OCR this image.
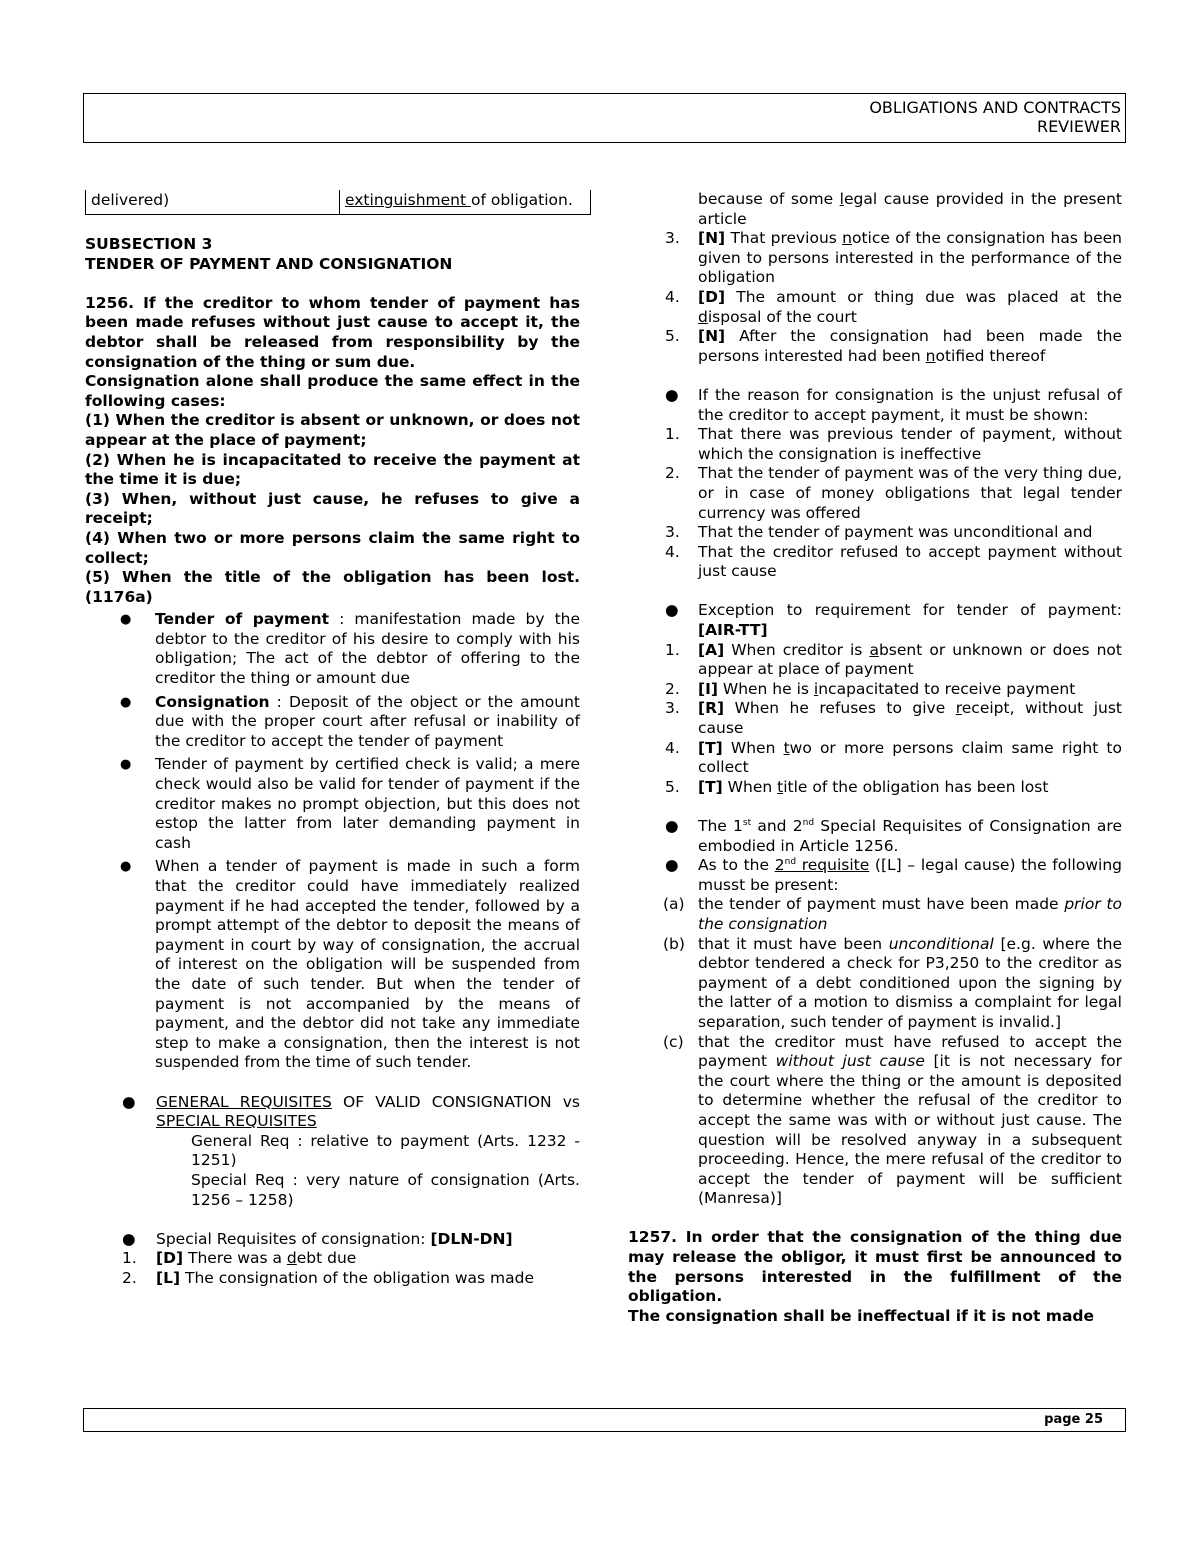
OBLIGATIONS AND CONTRACTS
REVIEWER
delivered)	extinguishment of obligation.

SUBSECTION 3

TENDER OF PAYMENT AND CONSIGNATION

1256. If the creditor to whom tender of payment has been made refuses without just cause to accept it, the debtor shall be released from responsibility by the consignation of the thing or sum due.

Consignation alone shall produce the same effect in the following cases:

(1) When the creditor is absent or unknown, or does not appear at the place of payment;

(2) When he is incapacitated to receive the payment at the time it is due;

(3) When, without just cause, he refuses to give a receipt;

(4) When two or more persons claim the same right to collect;

(5) When the title of the obligation has been lost. (1176a)

●	Tender of payment : manifestation made by the debtor to the creditor of his desire to comply with his obligation; The act of the debtor of offering to the creditor the thing or amount due
●	Consignation : Deposit of the object or the amount due with the proper court after refusal or inability of the creditor to accept the tender of payment
●	Tender of payment by certified check is valid; a mere check would also be valid for tender of payment if the creditor makes no prompt objection, but this does not estop the latter from later demanding payment in cash
●	When a tender of payment is made in such a form that the creditor could have immediately realized payment if he had accepted the tender, followed by a prompt attempt of the debtor to deposit the means of payment in court by way of consignation, the accrual of interest on the obligation will be suspended from the date of such tender. But when the tender of payment is not accompanied by the means of payment, and the debtor did not take any immediate step to make a consignation, then the interest is not suspended from the time of such tender.
●	GENERAL REQUISITES OF VALID CONSIGNATION vs SPECIAL REQUISITES

General Req : relative to payment (Arts. 1232 - 1251)

Special Req : very nature of consignation (Arts. 1256 – 1258)

●	Special Requisites of consignation: [DLN-DN]
1.	[D] There was a debt due
2.	[L] The consignation of the obligation was made
because of some legal cause provided in the present article
3.	[N] That previous notice of the consignation has been given to persons interested in the performance of the obligation
4.	[D] The amount or thing due was placed at the disposal of the court
5.	[N] After the consignation had been made the persons interested had been notified thereof
●	If the reason for consignation is the unjust refusal of the creditor to accept payment, it must be shown:
1.	That there was previous tender of payment, without which the consignation is ineffective
2.	That the tender of payment was of the very thing due, or in case of money obligations that legal tender currency was offered
3.	That the tender of payment was unconditional and
4.	That the creditor refused to accept payment without just cause
●	Exception to requirement for tender of payment: [AIR-TT]
1.	[A] When creditor is absent or unknown or does not appear at place of payment
2.	[I] When he is incapacitated to receive payment
3.	[R] When he refuses to give receipt, without just cause
4.	[T] When two or more persons claim same right to collect
5.	[T] When title of the obligation has been lost
●	The 1st and 2nd Special Requisites of Consignation are embodied in Article 1256.
●	As to the 2nd requisite ([L] – legal cause) the following musst be present:
(a) the tender of payment must have been made prior to the consignation
(b) that it must have been unconditional [e.g. where the debtor tendered a check for P3,250 to the creditor as payment of a debt conditioned upon the signing by the latter of a motion to dismiss a complaint for legal separation, such tender of payment is invalid.]
(c) that the creditor must have refused to accept the payment without just cause [it is not necessary for the court where the thing or the amount is deposited to determine whether the refusal of the creditor to accept the same was with or without just cause. The question will be resolved anyway in a subsequent proceeding. Hence, the mere refusal of the creditor to accept the tender of payment will be sufficient (Manresa)]

1257. In order that the consignation of the thing due may release the obligor, it must first be announced to the persons interested in the fulfillment of the obligation.

The consignation shall be ineffectual if it is not made

page 25
